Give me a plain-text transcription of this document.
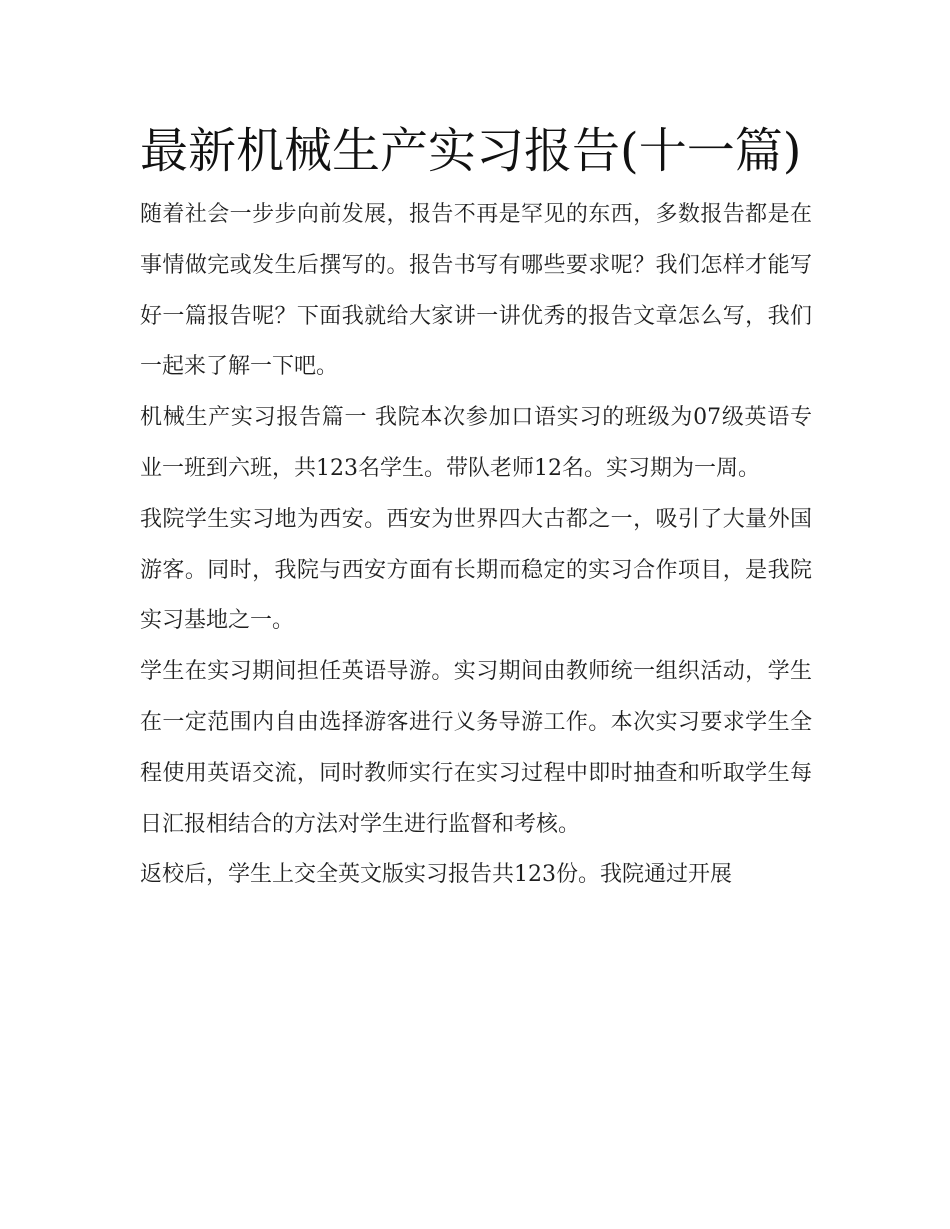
最新机械生产实习报告(十一篇)

随着社会一步步向前发展，报告不再是罕见的东西，多数报告都是在事情做完或发生后撰写的。报告书写有哪些要求呢？我们怎样才能写好一篇报告呢？下面我就给大家讲一讲优秀的报告文章怎么写，我们一起来了解一下吧。

机械生产实习报告篇一 我院本次参加口语实习的班级为07级英语专业一班到六班，共123名学生。带队老师12名。实习期为一周。

我院学生实习地为西安。西安为世界四大古都之一，吸引了大量外国游客。同时，我院与西安方面有长期而稳定的实习合作项目，是我院实习基地之一。

学生在实习期间担任英语导游。实习期间由教师统一组织活动，学生在一定范围内自由选择游客进行义务导游工作。本次实习要求学生全程使用英语交流，同时教师实行在实习过程中即时抽查和听取学生每日汇报相结合的方法对学生进行监督和考核。

返校后，学生上交全英文版实习报告共123份。我院通过开展
